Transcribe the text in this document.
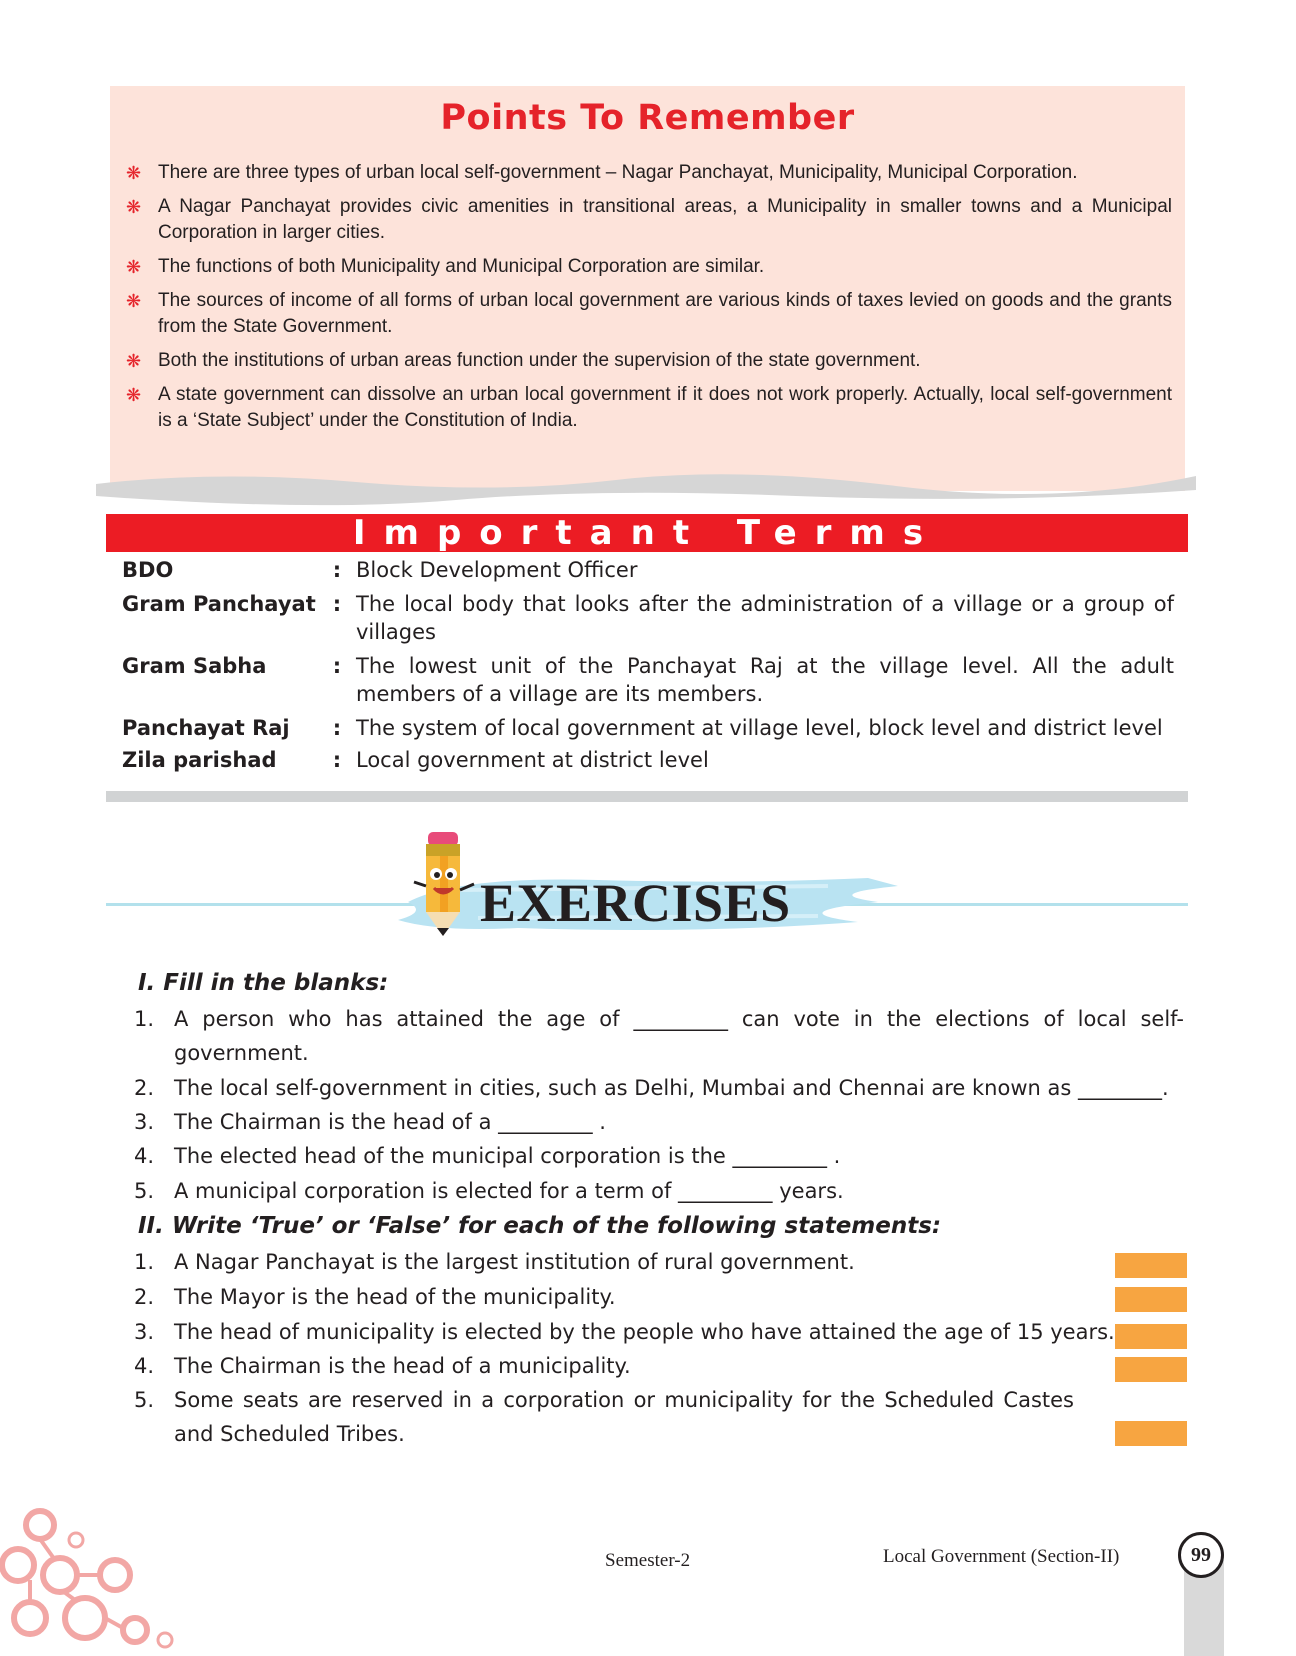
Points To Remember
❋ There are three types of urban local self-government – Nagar Panchayat, Municipality, Municipal Corporation.
❋ A Nagar Panchayat provides civic amenities in transitional areas, a Municipality in smaller towns and a Municipal Corporation in larger cities.
❋ The functions of both Municipality and Municipal Corporation are similar.
❋ The sources of income of all forms of urban local government are various kinds of taxes levied on goods and the grants from the State Government.
❋ Both the institutions of urban areas function under the supervision of the state government.
❋ A state government can dissolve an urban local government if it does not work properly. Actually, local self-government is a ‘State Subject’ under the Constitution of India.
Important Terms
BDO	: Block Development Officer
Gram Panchayat : The local body that looks after the administration of a village or a group of villages
Gram Sabha	: The lowest unit of the Panchayat Raj at the village level. All the adult members of a village are its members.
Panchayat Raj	: The system of local government at village level, block level and district level
Zila parishad	: Local government at district level
EXERCISES
I. Fill in the blanks:
1. A person who has attained the age of _________ can vote in the elections of local self-government.
2. The local self-government in cities, such as Delhi, Mumbai and Chennai are known as ________.
3. The Chairman is the head of a _________ .
4. The elected head of the municipal corporation is the _________ .
5. A municipal corporation is elected for a term of _________ years.
II. Write ‘True’ or ‘False’ for each of the following statements:
1. A Nagar Panchayat is the largest institution of rural government.
2. The Mayor is the head of the municipality.
3. The head of municipality is elected by the people who have attained the age of 15 years.
4. The Chairman is the head of a municipality.
5. Some seats are reserved in a corporation or municipality for the Scheduled Castes and Scheduled Tribes.
Semester-2	Local Government (Section-II)	99
